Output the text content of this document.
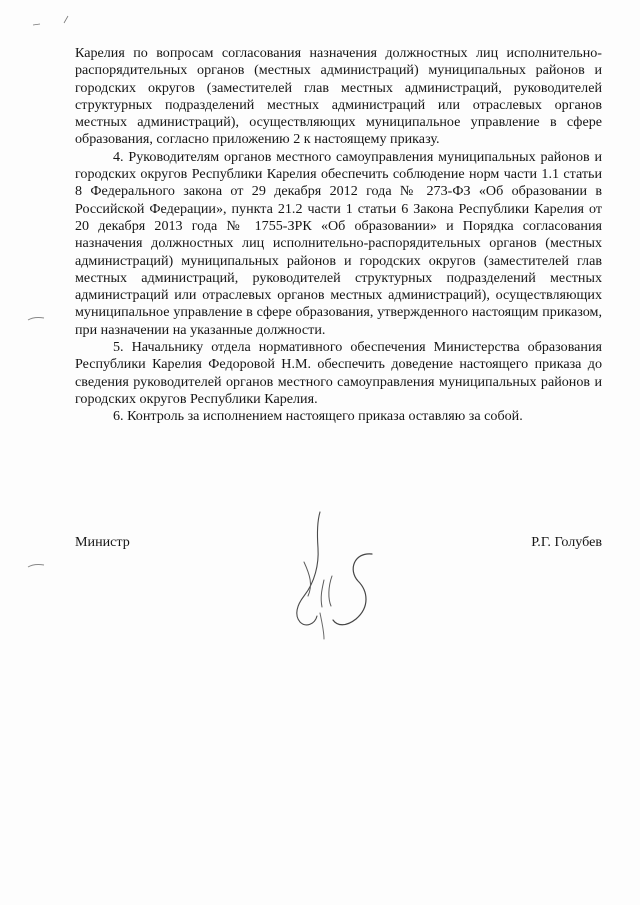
Карелия по вопросам согласования назначения должностных лиц исполнительно-распорядительных органов (местных администраций) муниципальных районов и городских округов (заместителей глав местных администраций, руководителей структурных подразделений местных администраций или отраслевых органов местных администраций), осуществляющих муниципальное управление в сфере образования, согласно приложению 2 к настоящему приказу.

4. Руководителям органов местного самоуправления муниципальных районов и городских округов Республики Карелия обеспечить соблюдение норм части 1.1 статьи 8 Федерального закона от 29 декабря 2012 года № 273-ФЗ «Об образовании в Российской Федерации», пункта 21.2 части 1 статьи 6 Закона Республики Карелия от 20 декабря 2013 года № 1755-ЗРК «Об образовании» и Порядка согласования назначения должностных лиц исполнительно-распорядительных органов (местных администраций) муниципальных районов и городских округов (заместителей глав местных администраций, руководителей структурных подразделений местных администраций или отраслевых органов местных администраций), осуществляющих муниципальное управление в сфере образования, утвержденного настоящим приказом, при назначении на указанные должности.

5. Начальнику отдела нормативного обеспечения Министерства образования Республики Карелия Федоровой Н.М. обеспечить доведение настоящего приказа до сведения руководителей органов местного самоуправления муниципальных районов и городских округов Республики Карелия.

6. Контроль за исполнением настоящего приказа оставляю за собой.

Министр	Р.Г. Голубев
